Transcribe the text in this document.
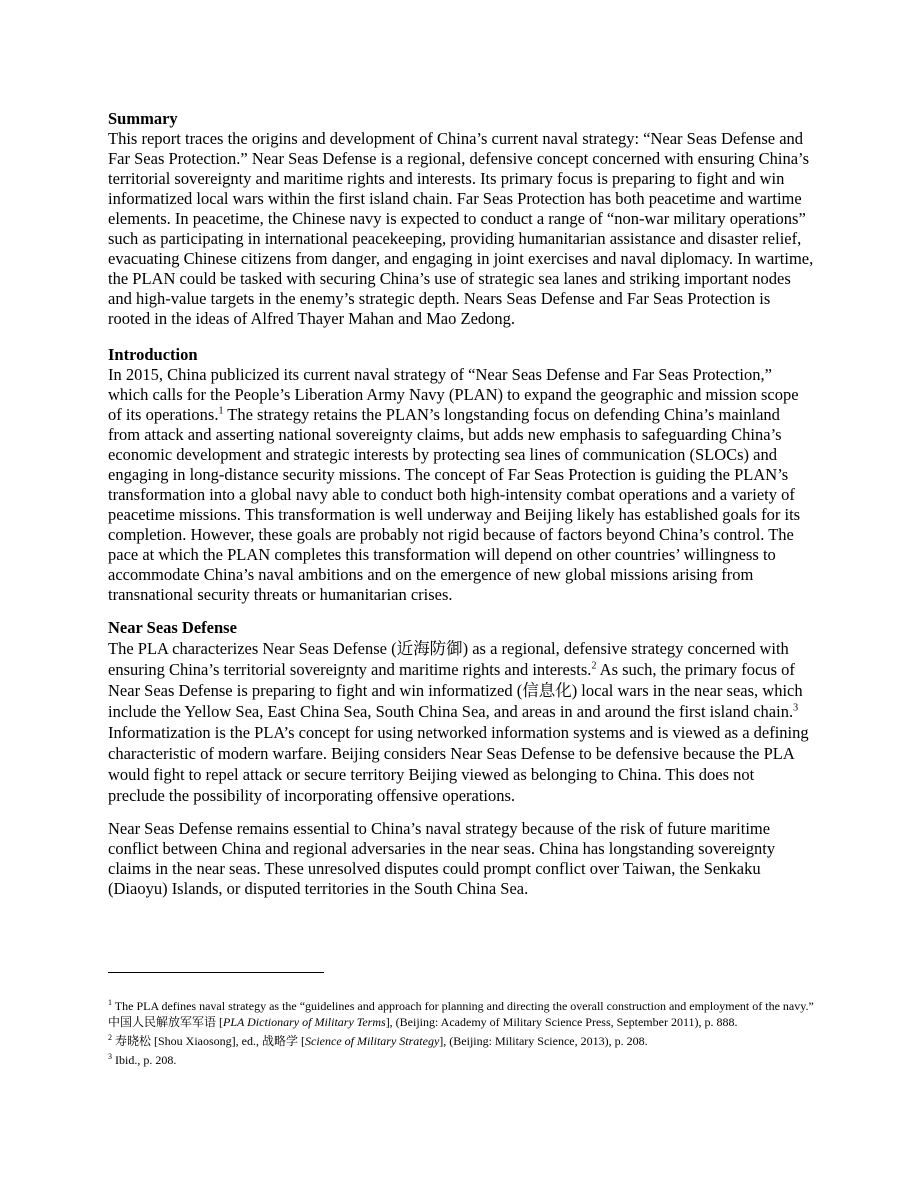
Summary

This report traces the origins and development of China’s current naval strategy: “Near Seas Defense and Far Seas Protection.” Near Seas Defense is a regional, defensive concept concerned with ensuring China’s territorial sovereignty and maritime rights and interests. Its primary focus is preparing to fight and win informatized local wars within the first island chain. Far Seas Protection has both peacetime and wartime elements. In peacetime, the Chinese navy is expected to conduct a range of “non-war military operations” such as participating in international peacekeeping, providing humanitarian assistance and disaster relief, evacuating Chinese citizens from danger, and engaging in joint exercises and naval diplomacy. In wartime, the PLAN could be tasked with securing China’s use of strategic sea lanes and striking important nodes and high-value targets in the enemy’s strategic depth. Nears Seas Defense and Far Seas Protection is rooted in the ideas of Alfred Thayer Mahan and Mao Zedong.

Introduction

In 2015, China publicized its current naval strategy of “Near Seas Defense and Far Seas Protection,” which calls for the People’s Liberation Army Navy (PLAN) to expand the geographic and mission scope of its operations.$^1$ The strategy retains the PLAN’s longstanding focus on defending China’s mainland from attack and asserting national sovereignty claims, but adds new emphasis to safeguarding China’s economic development and strategic interests by protecting sea lines of communication (SLOCs) and engaging in long-distance security missions. The concept of Far Seas Protection is guiding the PLAN’s transformation into a global navy able to conduct both high-intensity combat operations and a variety of peacetime missions. This transformation is well underway and Beijing likely has established goals for its completion. However, these goals are probably not rigid because of factors beyond China’s control. The pace at which the PLAN completes this transformation will depend on other countries’ willingness to accommodate China’s naval ambitions and on the emergence of new global missions arising from transnational security threats or humanitarian crises.

Near Seas Defense

The PLA characterizes Near Seas Defense (近海防御) as a regional, defensive strategy concerned with ensuring China’s territorial sovereignty and maritime rights and interests.$^2$ As such, the primary focus of Near Seas Defense is preparing to fight and win informatized (信息化) local wars in the near seas, which include the Yellow Sea, East China Sea, South China Sea, and areas in and around the first island chain.$^3$ Informatization is the PLA’s concept for using networked information systems and is viewed as a defining characteristic of modern warfare. Beijing considers Near Seas Defense to be defensive because the PLA would fight to repel attack or secure territory Beijing viewed as belonging to China. This does not preclude the possibility of incorporating offensive operations.

Near Seas Defense remains essential to China’s naval strategy because of the risk of future maritime conflict between China and regional adversaries in the near seas. China has longstanding sovereignty claims in the near seas. These unresolved disputes could prompt conflict over Taiwan, the Senkaku (Diaoyu) Islands, or disputed territories in the South China Sea.

$^1$ The PLA defines naval strategy as the “guidelines and approach for planning and directing the overall construction and employment of the navy.” 中国人民解放军军语 [PLA Dictionary of Military Terms], (Beijing: Academy of Military Science Press, September 2011), p. 888.

$^2$ 寿晓松 [Shou Xiaosong], ed., 战略学 [Science of Military Strategy], (Beijing: Military Science, 2013), p. 208.

$^3$ Ibid., p. 208.
